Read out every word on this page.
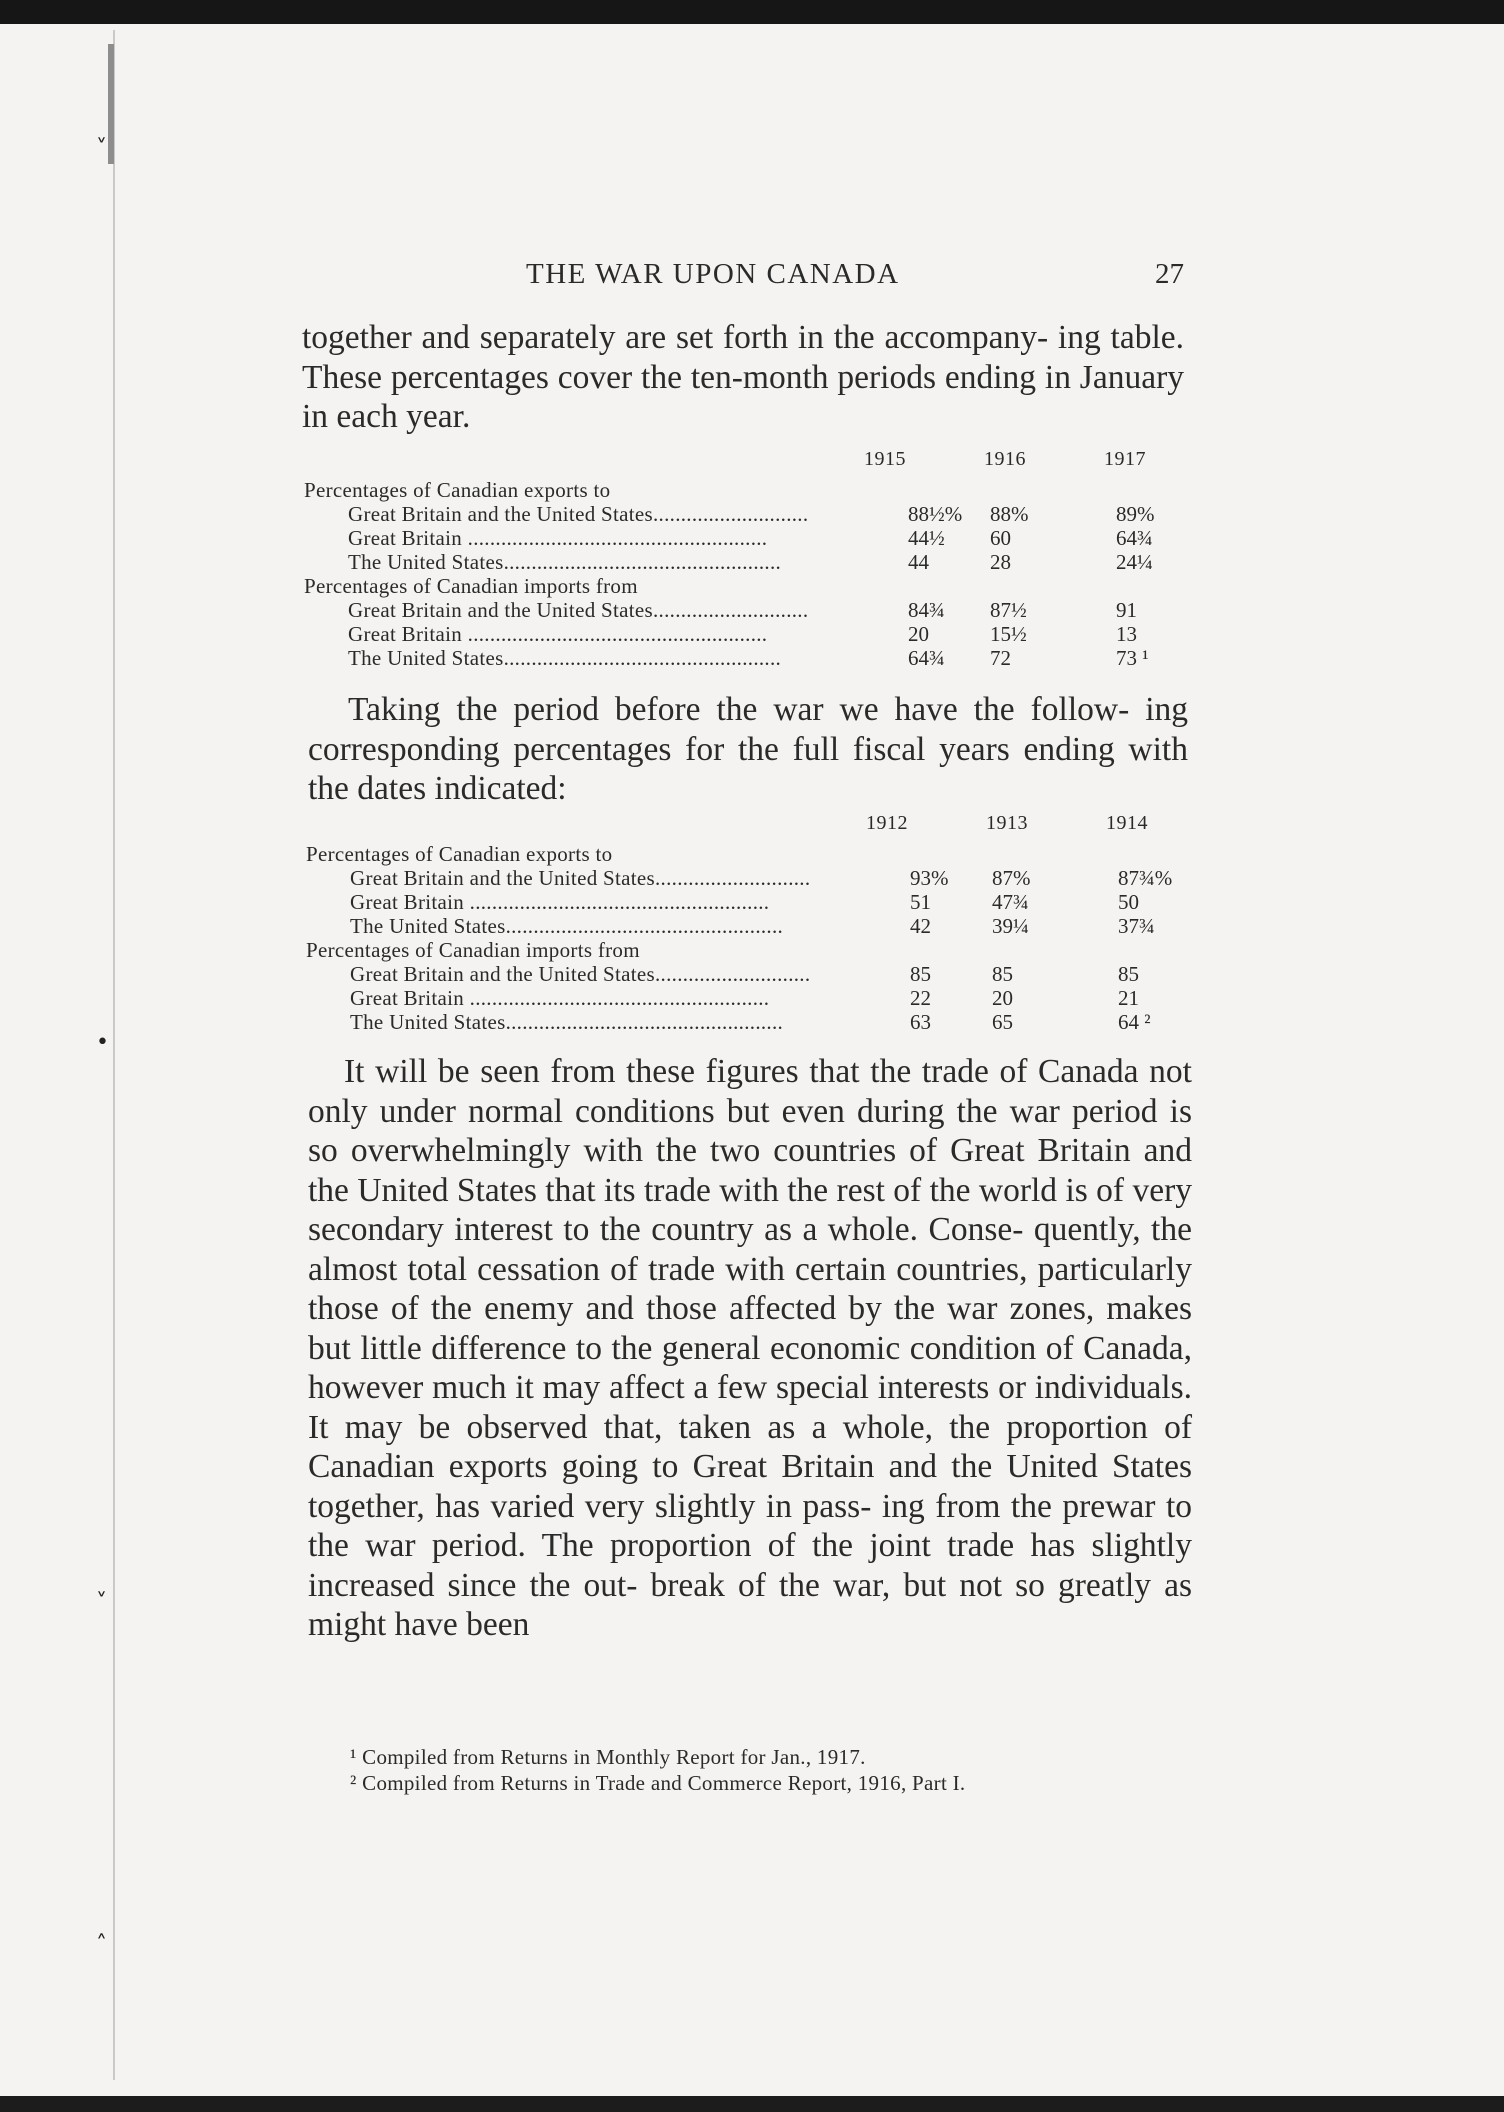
˅
•
˅
˄
THE WAR UPON CANADA	27

together and separately are set forth in the accompany- ing table. These percentages cover the ten-month periods ending in January in each year.

1915	1916	1917
Percentages of Canadian exports to
Great Britain and the United States............................	88½% 88%	89%
Great Britain ......................................................	44½ 60	64¾
The United States..................................................	44	28	24¼
Percentages of Canadian imports from
Great Britain and the United States............................	84¾ 87½	91
Great Britain ......................................................	20	15½	13
The United States..................................................	64¾ 72	73 ¹

Taking the period before the war we have the follow- ing corresponding percentages for the full fiscal years ending with the dates indicated:

1912	1913	1914
Percentages of Canadian exports to
Great Britain and the United States............................	93% 87%	87¾%
Great Britain ......................................................	51	47¾	50
The United States..................................................	42	39¼	37¾
Percentages of Canadian imports from
Great Britain and the United States............................	85	85	85
Great Britain ......................................................	22	20	21
The United States..................................................	63	65	64 ²

It will be seen from these figures that the trade of Canada not only under normal conditions but even during the war period is so overwhelmingly with the two countries of Great Britain and the United States that its trade with the rest of the world is of very secondary interest to the country as a whole. Conse- quently, the almost total cessation of trade with certain countries, particularly those of the enemy and those affected by the war zones, makes but little difference to the general economic condition of Canada, however much it may affect a few special interests or individuals. It may be observed that, taken as a whole, the proportion of Canadian exports going to Great Britain and the United States together, has varied very slightly in pass- ing from the prewar to the war period. The proportion of the joint trade has slightly increased since the out- break of the war, but not so greatly as might have been

¹ Compiled from Returns in Monthly Report for Jan., 1917.
² Compiled from Returns in Trade and Commerce Report, 1916, Part I.
